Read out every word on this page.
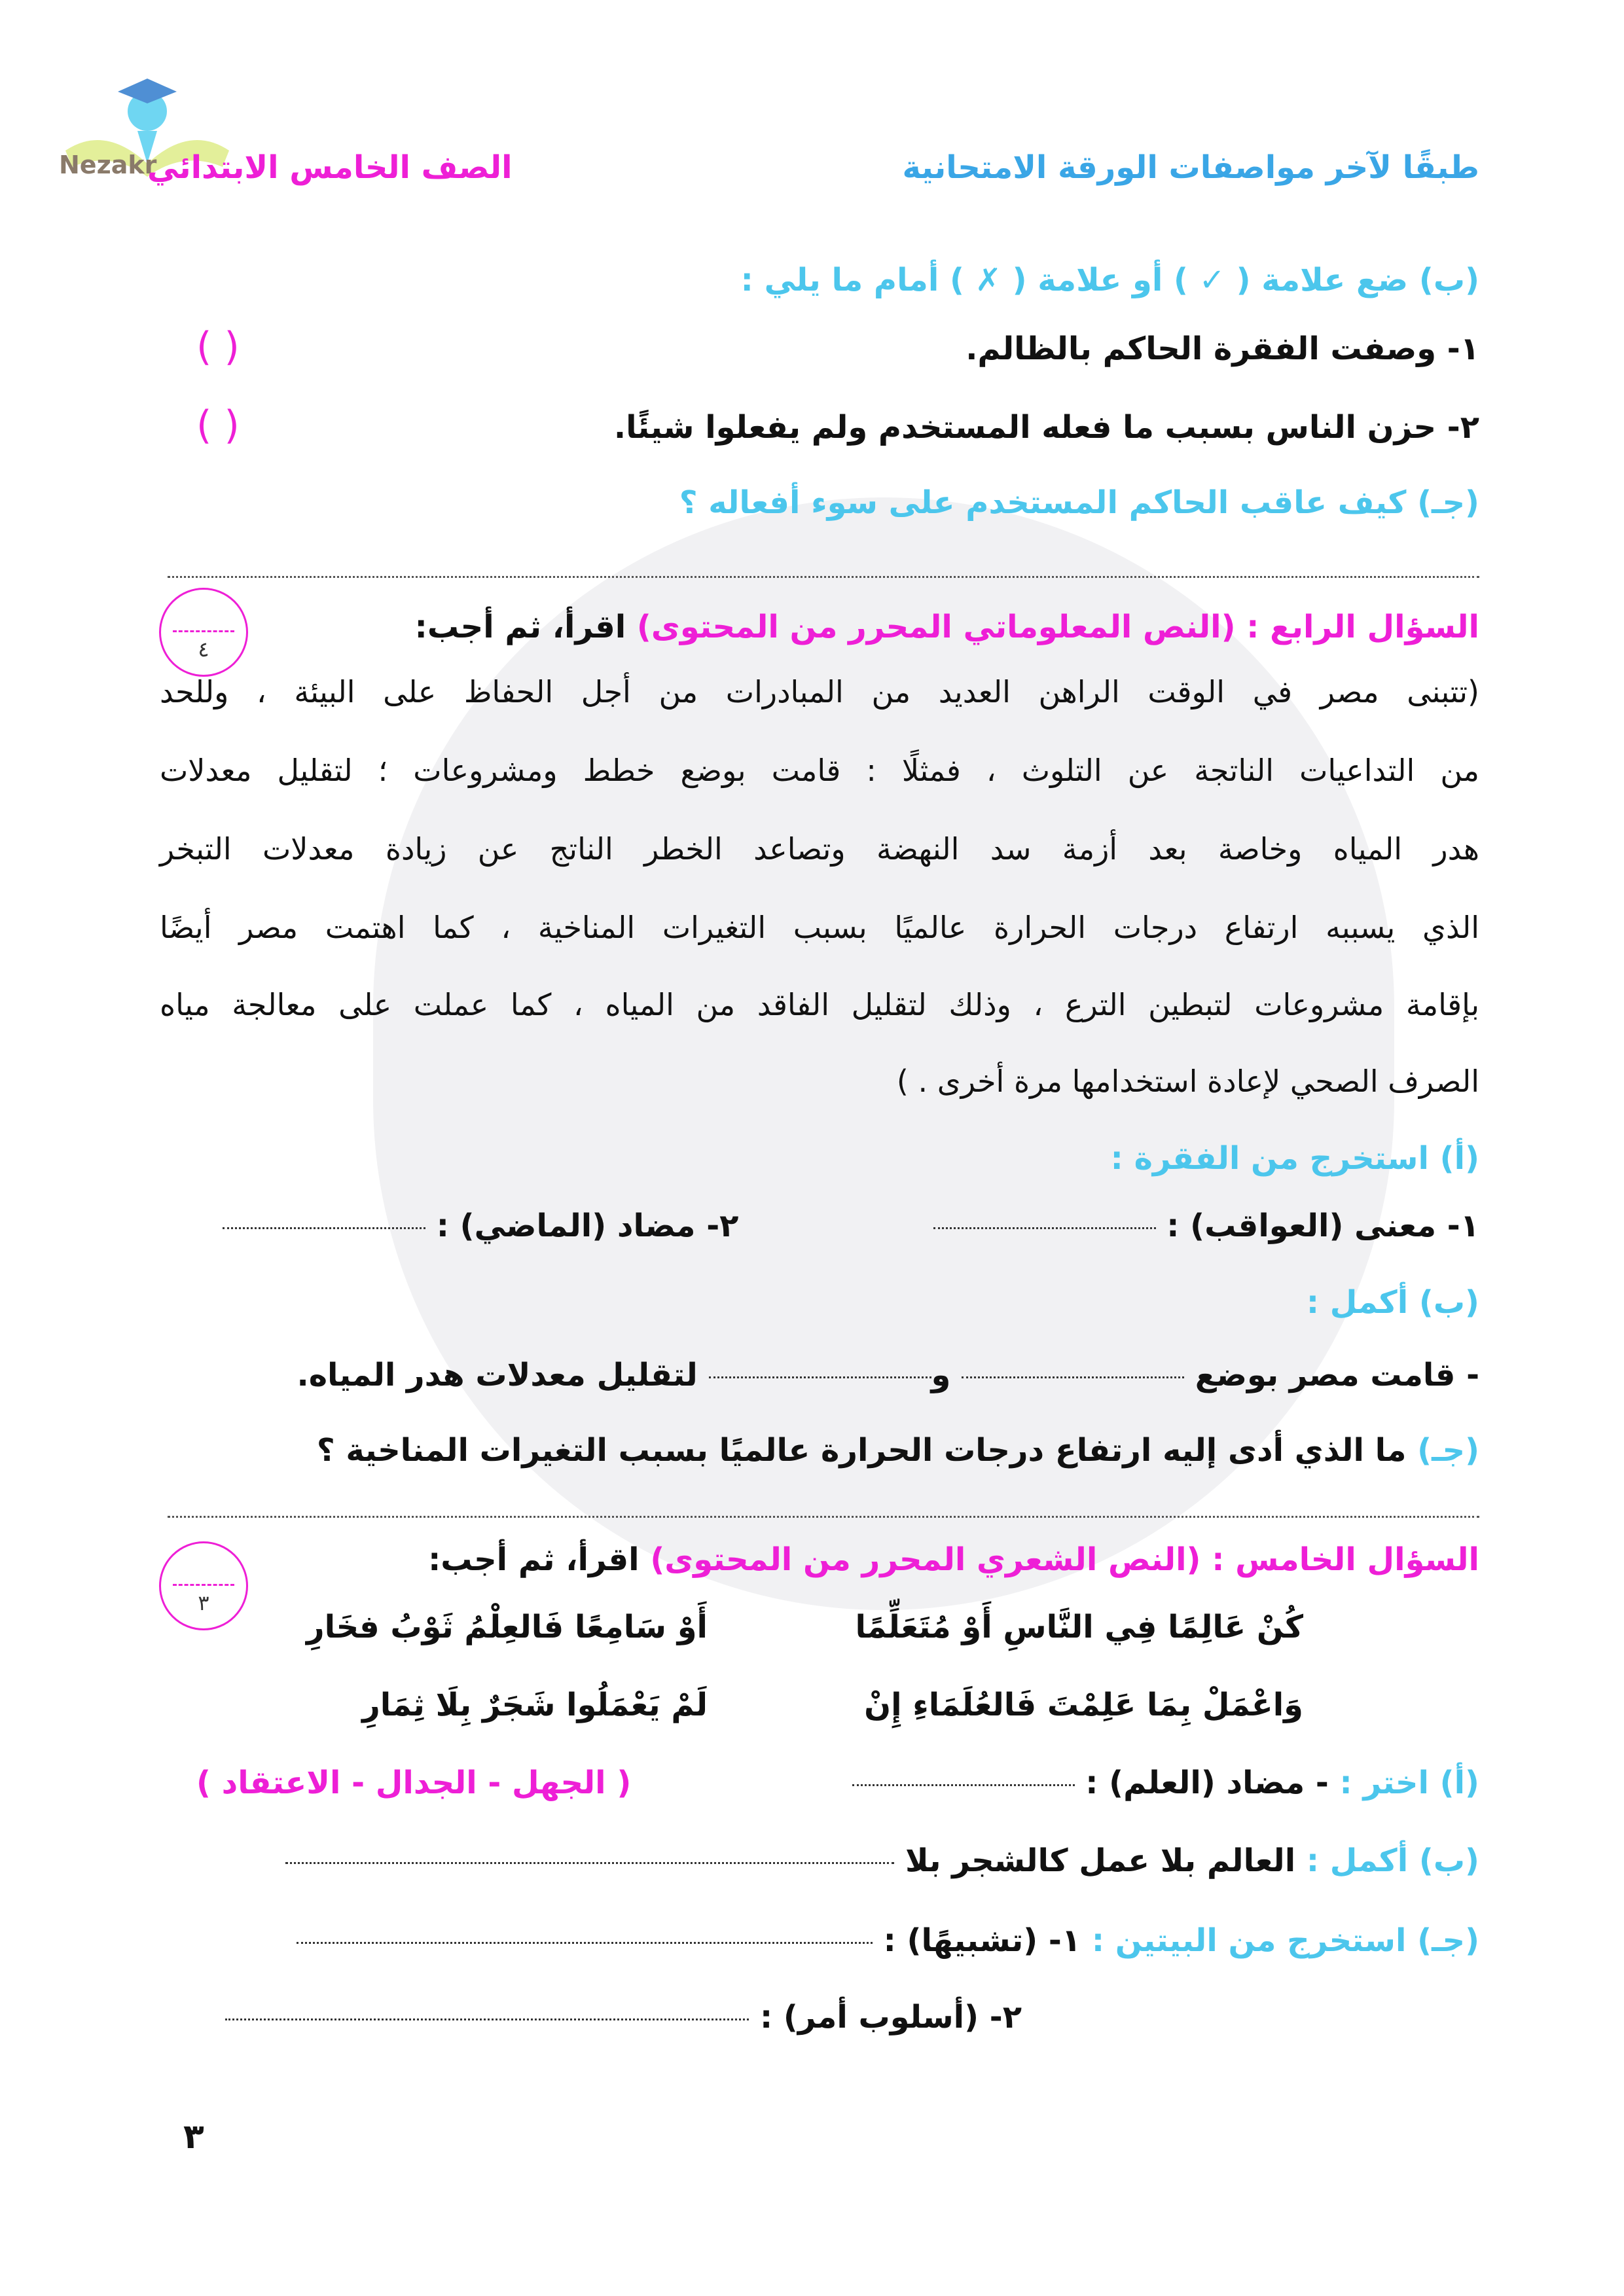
Nezakr
الصف الخامس الابتدائي	طبقًا لآخر مواصفات الورقة الامتحانية
(ب) ضع علامة ( ✓ ) أو علامة ( ✗ ) أمام ما يلي :
١- وصفت الفقرة الحاكم بالظالم.
( )
٢- حزن الناس بسبب ما فعله المستخدم ولم يفعلوا شيئًا.
( )
(جـ) كيف عاقب الحاكم المستخدم على سوء أفعاله ؟
السؤال الرابع : (النص المعلوماتي المحرر من المحتوى) اقرأ، ثم أجب:
٤
(تتبنى مصر في الوقت الراهن العديد من المبادرات من أجل الحفاظ على البيئة ، وللحد
من التداعيات الناتجة عن التلوث ، فمثلًا : قامت بوضع خطط ومشروعات ؛ لتقليل معدلات
هدر المياه وخاصة بعد أزمة سد النهضة وتصاعد الخطر الناتج عن زيادة معدلات التبخر
الذي يسببه ارتفاع درجات الحرارة عالميًا بسبب التغيرات المناخية ، كما اهتمت مصر أيضًا
بإقامة مشروعات لتبطين الترع ، وذلك لتقليل الفاقد من المياه ، كما عملت على معالجة مياه
الصرف الصحي لإعادة استخدامها مرة أخرى . )
(أ) استخرج من الفقرة :
١- معنى (العواقب) :
٢- مضاد (الماضي) :
(ب) أكمل :
- قامت مصر بوضع  و لتقليل معدلات هدر المياه.
(جـ) ما الذي أدى إليه ارتفاع درجات الحرارة عالميًا بسبب التغيرات المناخية ؟
السؤال الخامس : (النص الشعري المحرر من المحتوى) اقرأ، ثم أجب:
٣
كُنْ عَالِمًا فِي النَّاسِ أَوْ مُتَعَلِّمًا
أَوْ سَامِعًا فَالعِلْمُ ثَوْبُ فخَارِ
وَاعْمَلْ بِمَا عَلِمْتَ فَالعُلَمَاءِ إِنْ
لَمْ يَعْمَلُوا شَجَرٌ بِلَا ثِمَارِ
(أ) اختر : - مضاد (العلم) :
( الجهل - الجدال - الاعتقاد )
(ب) أكمل : العالم بلا عمل كالشجر بلا
(جـ) استخرج من البيتين : ١- (تشبيهًا) :
٢- (أسلوب أمر) :
٣
